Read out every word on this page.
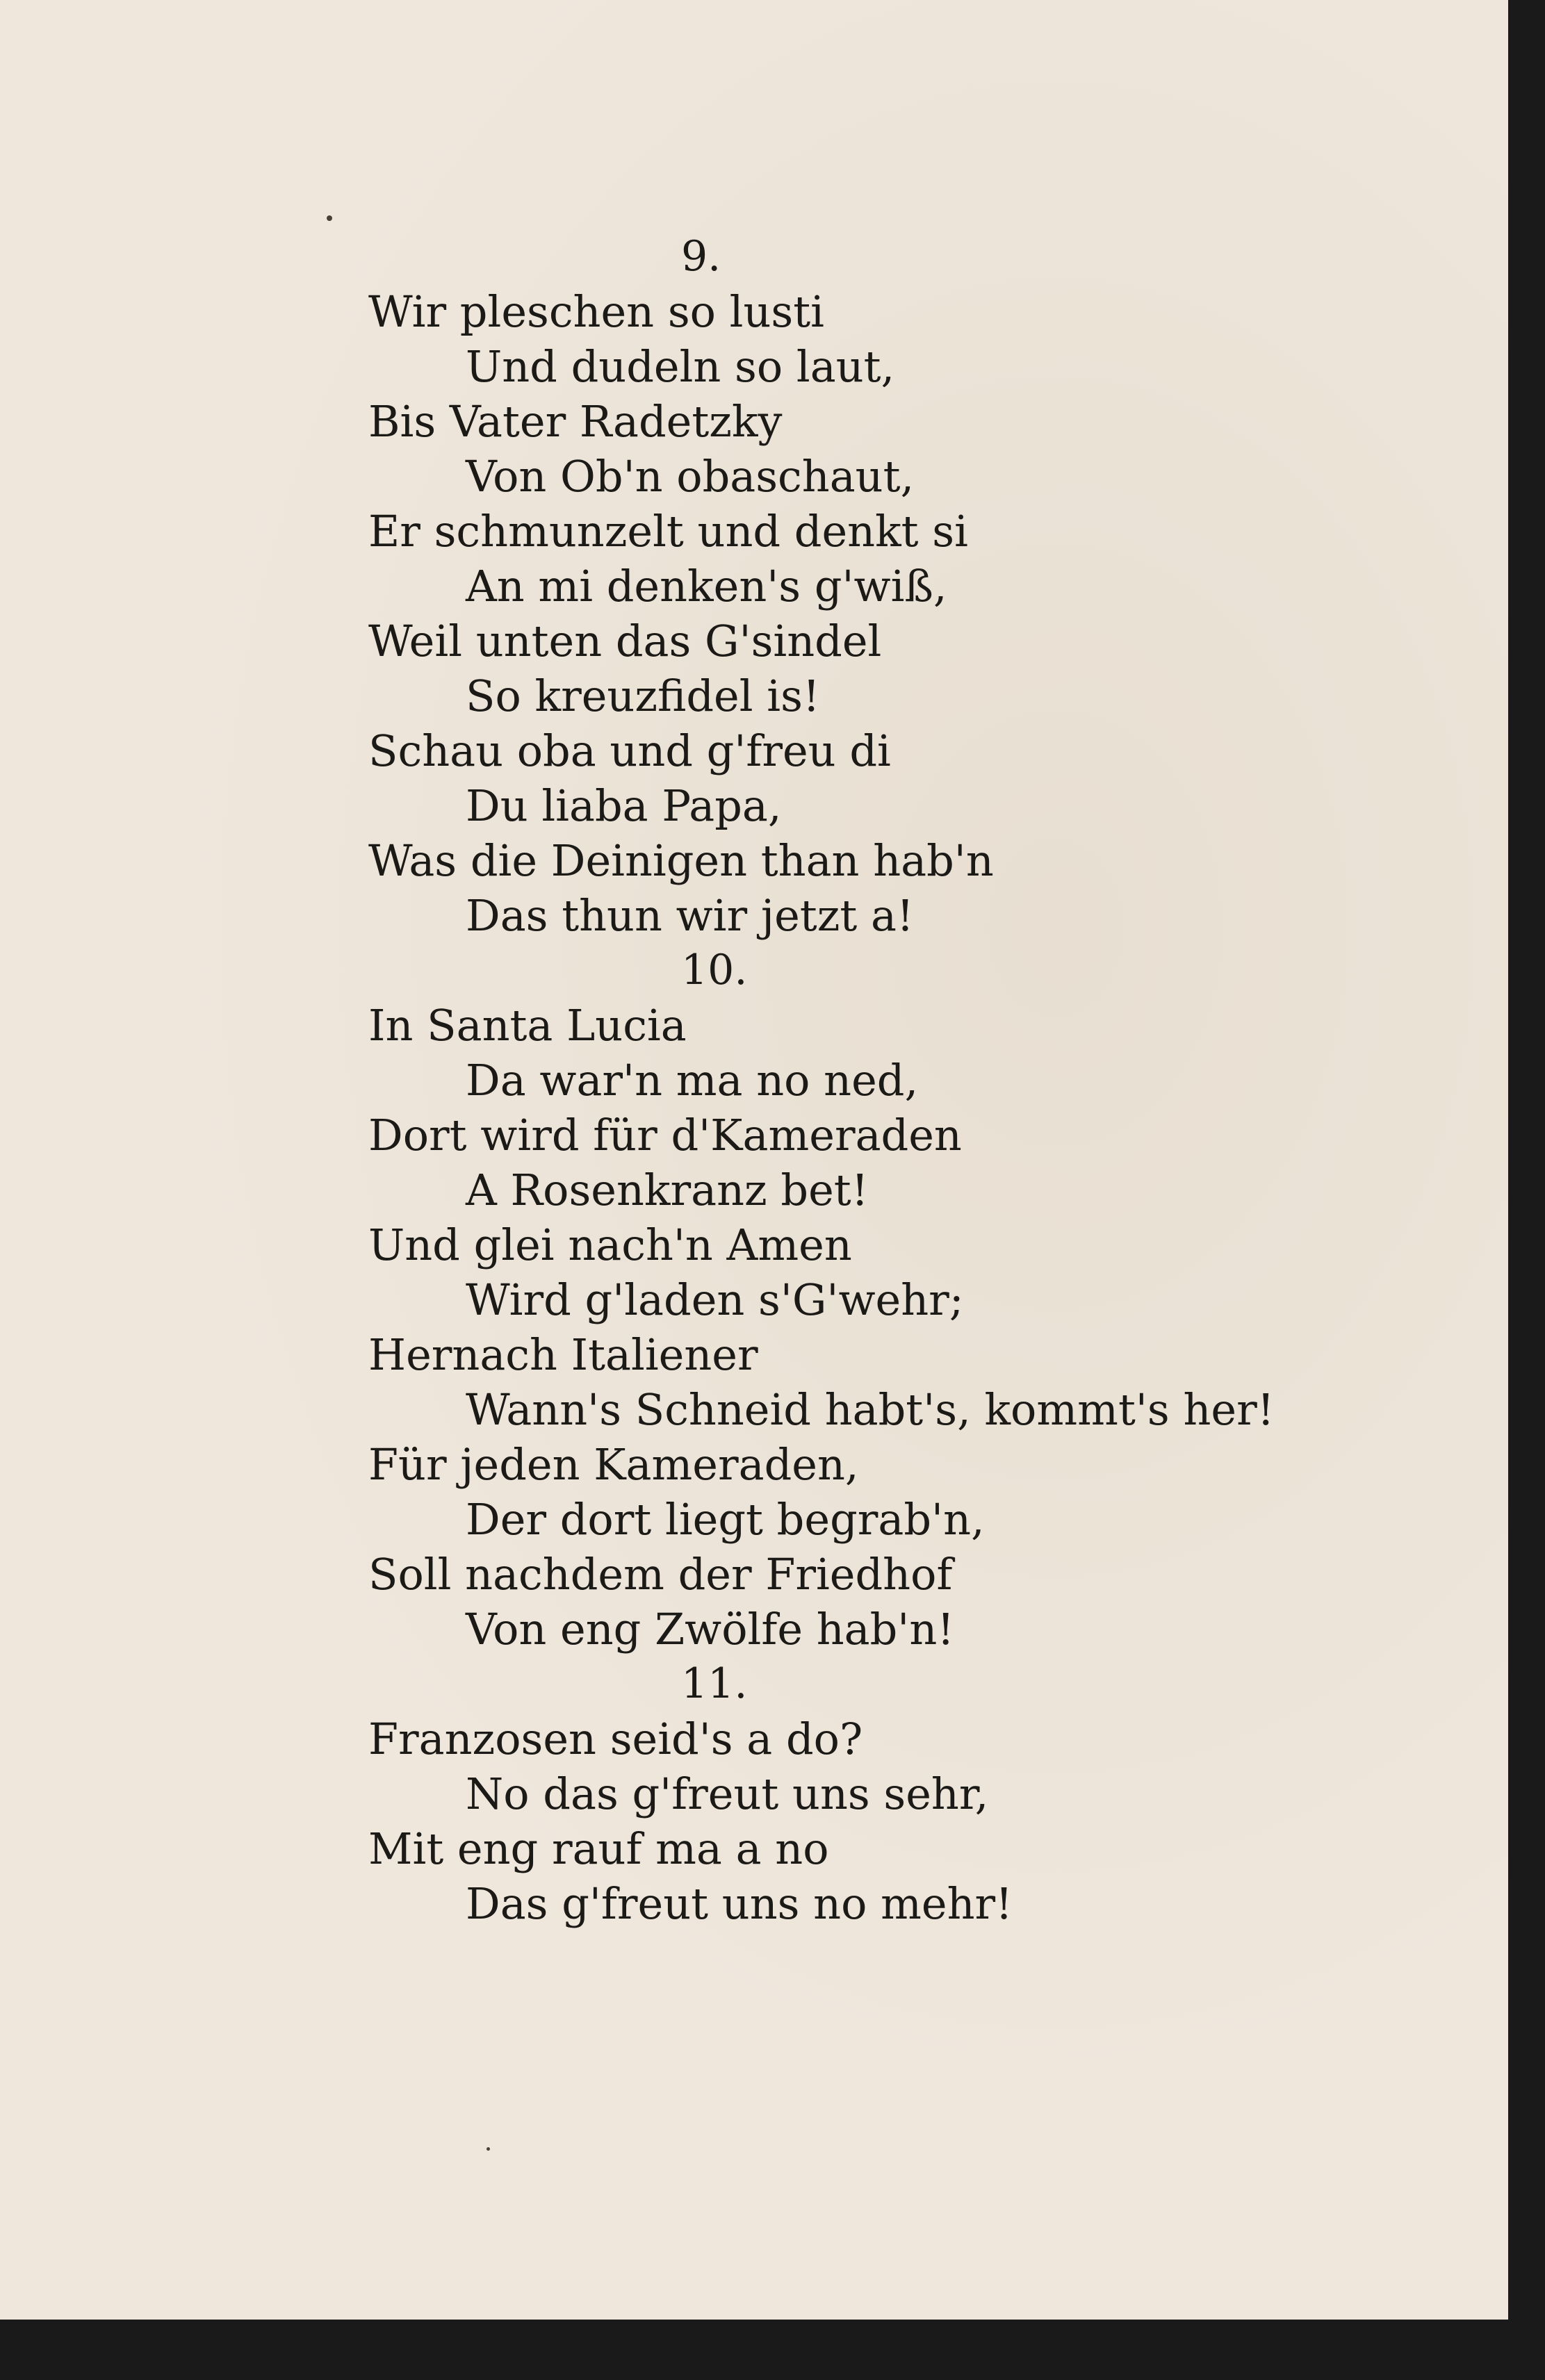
9.
Wir pleschen so lusti
Und dudeln so laut,
Bis Vater Radetzky
Von Ob'n obaschaut,
Er schmunzelt und denkt si
An mi denken's g'wiß,
Weil unten das G'sindel
So kreuzfidel is!
Schau oba und g'freu di
Du liaba Papa,
Was die Deinigen than hab'n
Das thun wir jetzt a!
10.
In Santa Lucia
Da war'n ma no ned,
Dort wird für d'Kameraden
A Rosenkranz bet!
Und glei nach'n Amen
Wird g'laden s'G'wehr;
Hernach Italiener
Wann's Schneid habt's, kommt's her!
Für jeden Kameraden,
Der dort liegt begrab'n,
Soll nachdem der Friedhof
Von eng Zwölfe hab'n!
11.
Franzosen seid's a do?
No das g'freut uns sehr,
Mit eng rauf ma a no
Das g'freut uns no mehr!
